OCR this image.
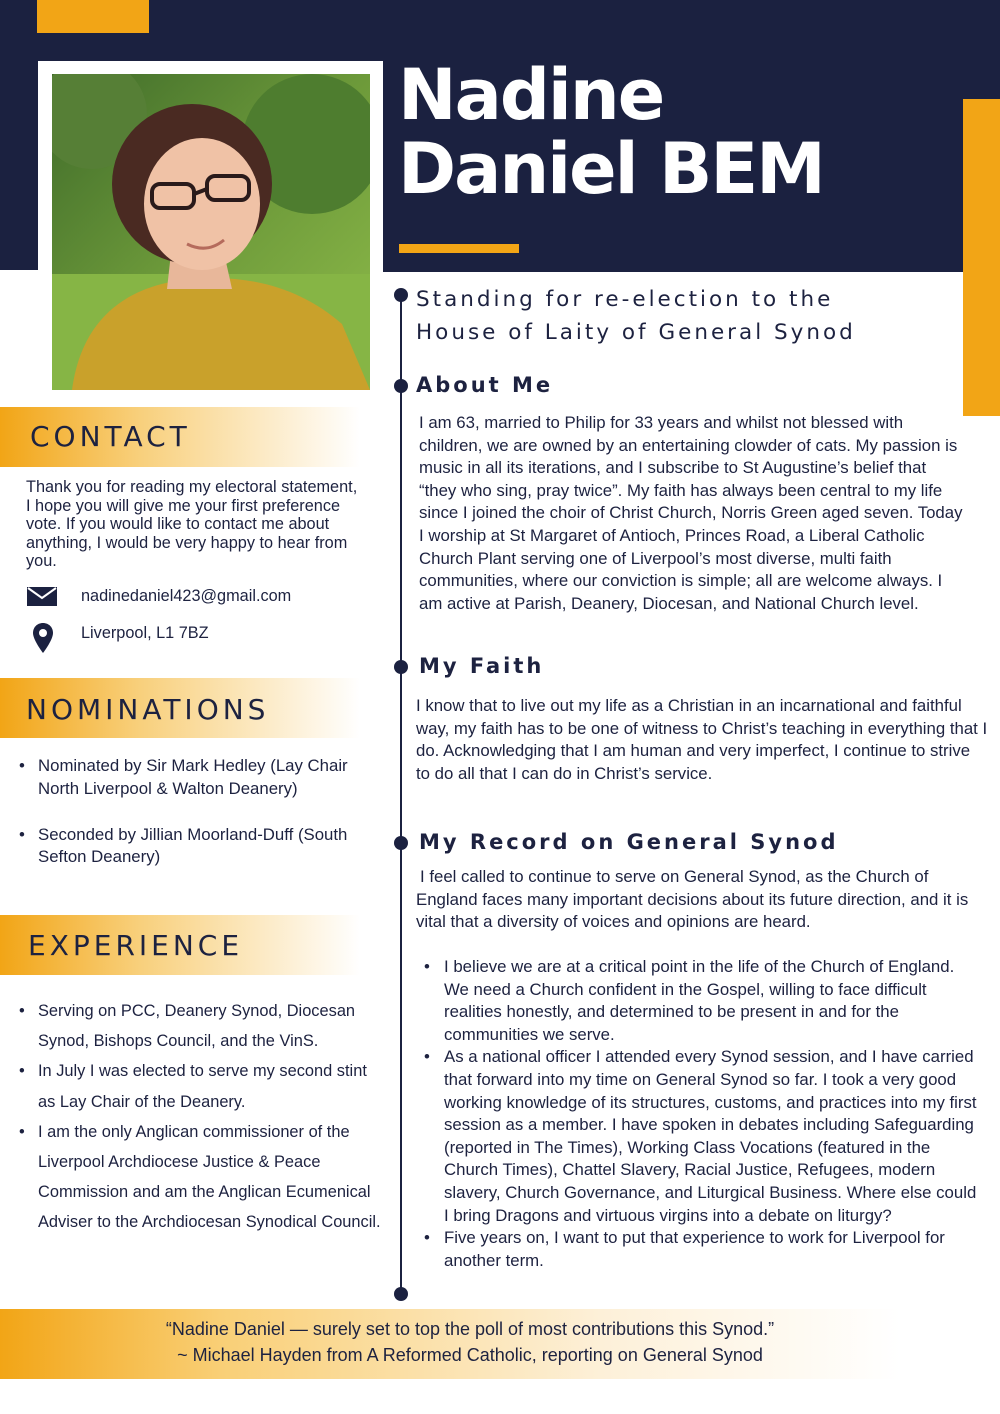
Nadine
Daniel BEM
Standing for re-election to the
House of Laity of General Synod
About Me
I am 63, married to Philip for 33 years and whilst not blessed with children, we are owned by an entertaining clowder of cats. My passion is music in all its iterations, and I subscribe to St Augustine’s belief that “they who sing, pray twice”. My faith has always been central to my life since I joined the choir of Christ Church, Norris Green aged seven. Today I worship at St Margaret of Antioch, Princes Road, a Liberal Catholic Church Plant serving one of Liverpool’s most diverse, multi faith communities, where our conviction is simple; all are welcome always. I am active at Parish, Deanery, Diocesan, and National Church level.
My Faith
I know that to live out my life as a Christian in an incarnational and faithful way, my faith has to be one of witness to Christ’s teaching in everything that I do. Acknowledging that I am human and very imperfect, I continue to strive to do all that I can do in Christ’s service.
My Record on General Synod
I feel called to continue to serve on General Synod, as the Church of England faces many important decisions about its future direction, and it is vital that a diversity of voices and opinions are heard.
• I believe we are at a critical point in the life of the Church of England. We need a Church confident in the Gospel, willing to face difficult realities honestly, and determined to be present in and for the communities we serve.
• As a national officer I attended every Synod session, and I have carried that forward into my time on General Synod so far. I took a very good working knowledge of its structures, customs, and practices into my first session as a member. I have spoken in debates including Safeguarding (reported in The Times), Working Class Vocations (featured in the Church Times), Chattel Slavery, Racial Justice, Refugees, modern slavery, Church Governance, and Liturgical Business. Where else could I bring Dragons and virtuous virgins into a debate on liturgy?
• Five years on, I want to put that experience to work for Liverpool for another term.
CONTACT
Thank you for reading my electoral statement, I hope you will give me your first preference vote. If you would like to contact me about anything, I would be very happy to hear from you.
nadinedaniel423@gmail.com
Liverpool, L1 7BZ
NOMINATIONS
• Nominated by Sir Mark Hedley (Lay Chair North Liverpool & Walton Deanery)
• Seconded by Jillian Moorland-Duff (South Sefton Deanery)
EXPERIENCE
• Serving on PCC, Deanery Synod, Diocesan Synod, Bishops Council, and the VinS.
• In July I was elected to serve my second stint as Lay Chair of the Deanery.
• I am the only Anglican commissioner of the Liverpool Archdiocese Justice & Peace Commission and am the Anglican Ecumenical Adviser to the Archdiocesan Synodical Council.
“Nadine Daniel — surely set to top the poll of most contributions this Synod.”
~ Michael Hayden from A Reformed Catholic, reporting on General Synod
